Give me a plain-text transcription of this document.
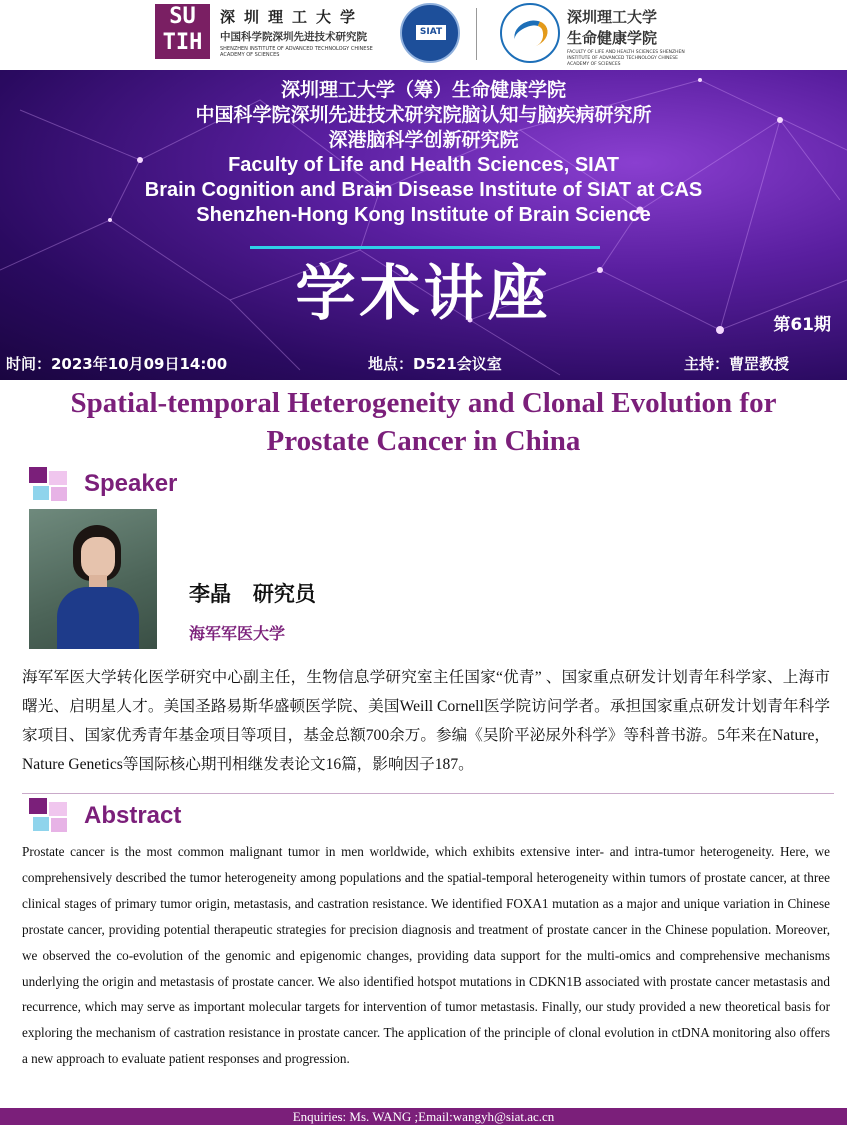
SU
TIH
深圳理工大学
中国科学院深圳先进技术研究院
SHENZHEN INSTITUTE OF ADVANCED TECHNOLOGY CHINESE ACADEMY OF SCIENCES
SIAT
深圳理工大学
生命健康学院
FACULTY OF LIFE AND HEALTH SCIENCES SHENZHEN INSTITUTE OF ADVANCED TECHNOLOGY CHINESE ACADEMY OF SCIENCES
深圳理工大学（筹）生命健康学院
中国科学院深圳先进技术研究院脑认知与脑疾病研究所
深港脑科学创新研究院
Faculty of Life and Health Sciences, SIAT
Brain Cognition and Brain Disease Institute of SIAT at CAS
Shenzhen-Hong Kong Institute of Brain Science
学术讲座	第61期
时间：2023年10月09日14:00	地点：D521会议室	主持：曹罡教授
Spatial-temporal Heterogeneity and Clonal Evolution for
Prostate Cancer in China
Speaker
李晶   研究员
海军军医大学
海军军医大学转化医学研究中心副主任，生物信息学研究室主任国家“优青” 、国家重点研发计划青年科学家、上海市曙光、启明星人才。美国圣路易斯华盛顿医学院、美国Weill Cornell医学院访问学者。承担国家重点研发计划青年科学家项目、国家优秀青年基金项目等项目，基金总额700余万。参编《吴阶平泌尿外科学》等科普书游。5年来在Nature，Nature Genetics等国际核心期刊相继发表论文16篇，影响因子187。
Abstract
Prostate cancer is the most common malignant tumor in men worldwide, which exhibits extensive inter- and intra-tumor heterogeneity. Here, we comprehensively described the tumor heterogeneity among populations and the spatial-temporal heterogeneity within tumors of prostate cancer, at three clinical stages of primary tumor origin, metastasis, and castration resistance. We identified FOXA1 mutation as a major and unique variation in Chinese prostate cancer, providing potential therapeutic strategies for precision diagnosis and treatment of prostate cancer in the Chinese population. Moreover, we observed the co-evolution of the genomic and epigenomic changes, providing data support for the multi-omics and comprehensive mechanisms underlying the origin and metastasis of prostate cancer. We also identified hotspot mutations in CDKN1B associated with prostate cancer metastasis and recurrence, which may serve as important molecular targets for intervention of tumor metastasis. Finally, our study provided a new theoretical basis for exploring the mechanism of castration resistance in prostate cancer. The application of the principle of clonal evolution in ctDNA monitoring also offers a new approach to evaluate patient responses and progression.
Enquiries: Ms. WANG ;Email:wangyh@siat.ac.cn
